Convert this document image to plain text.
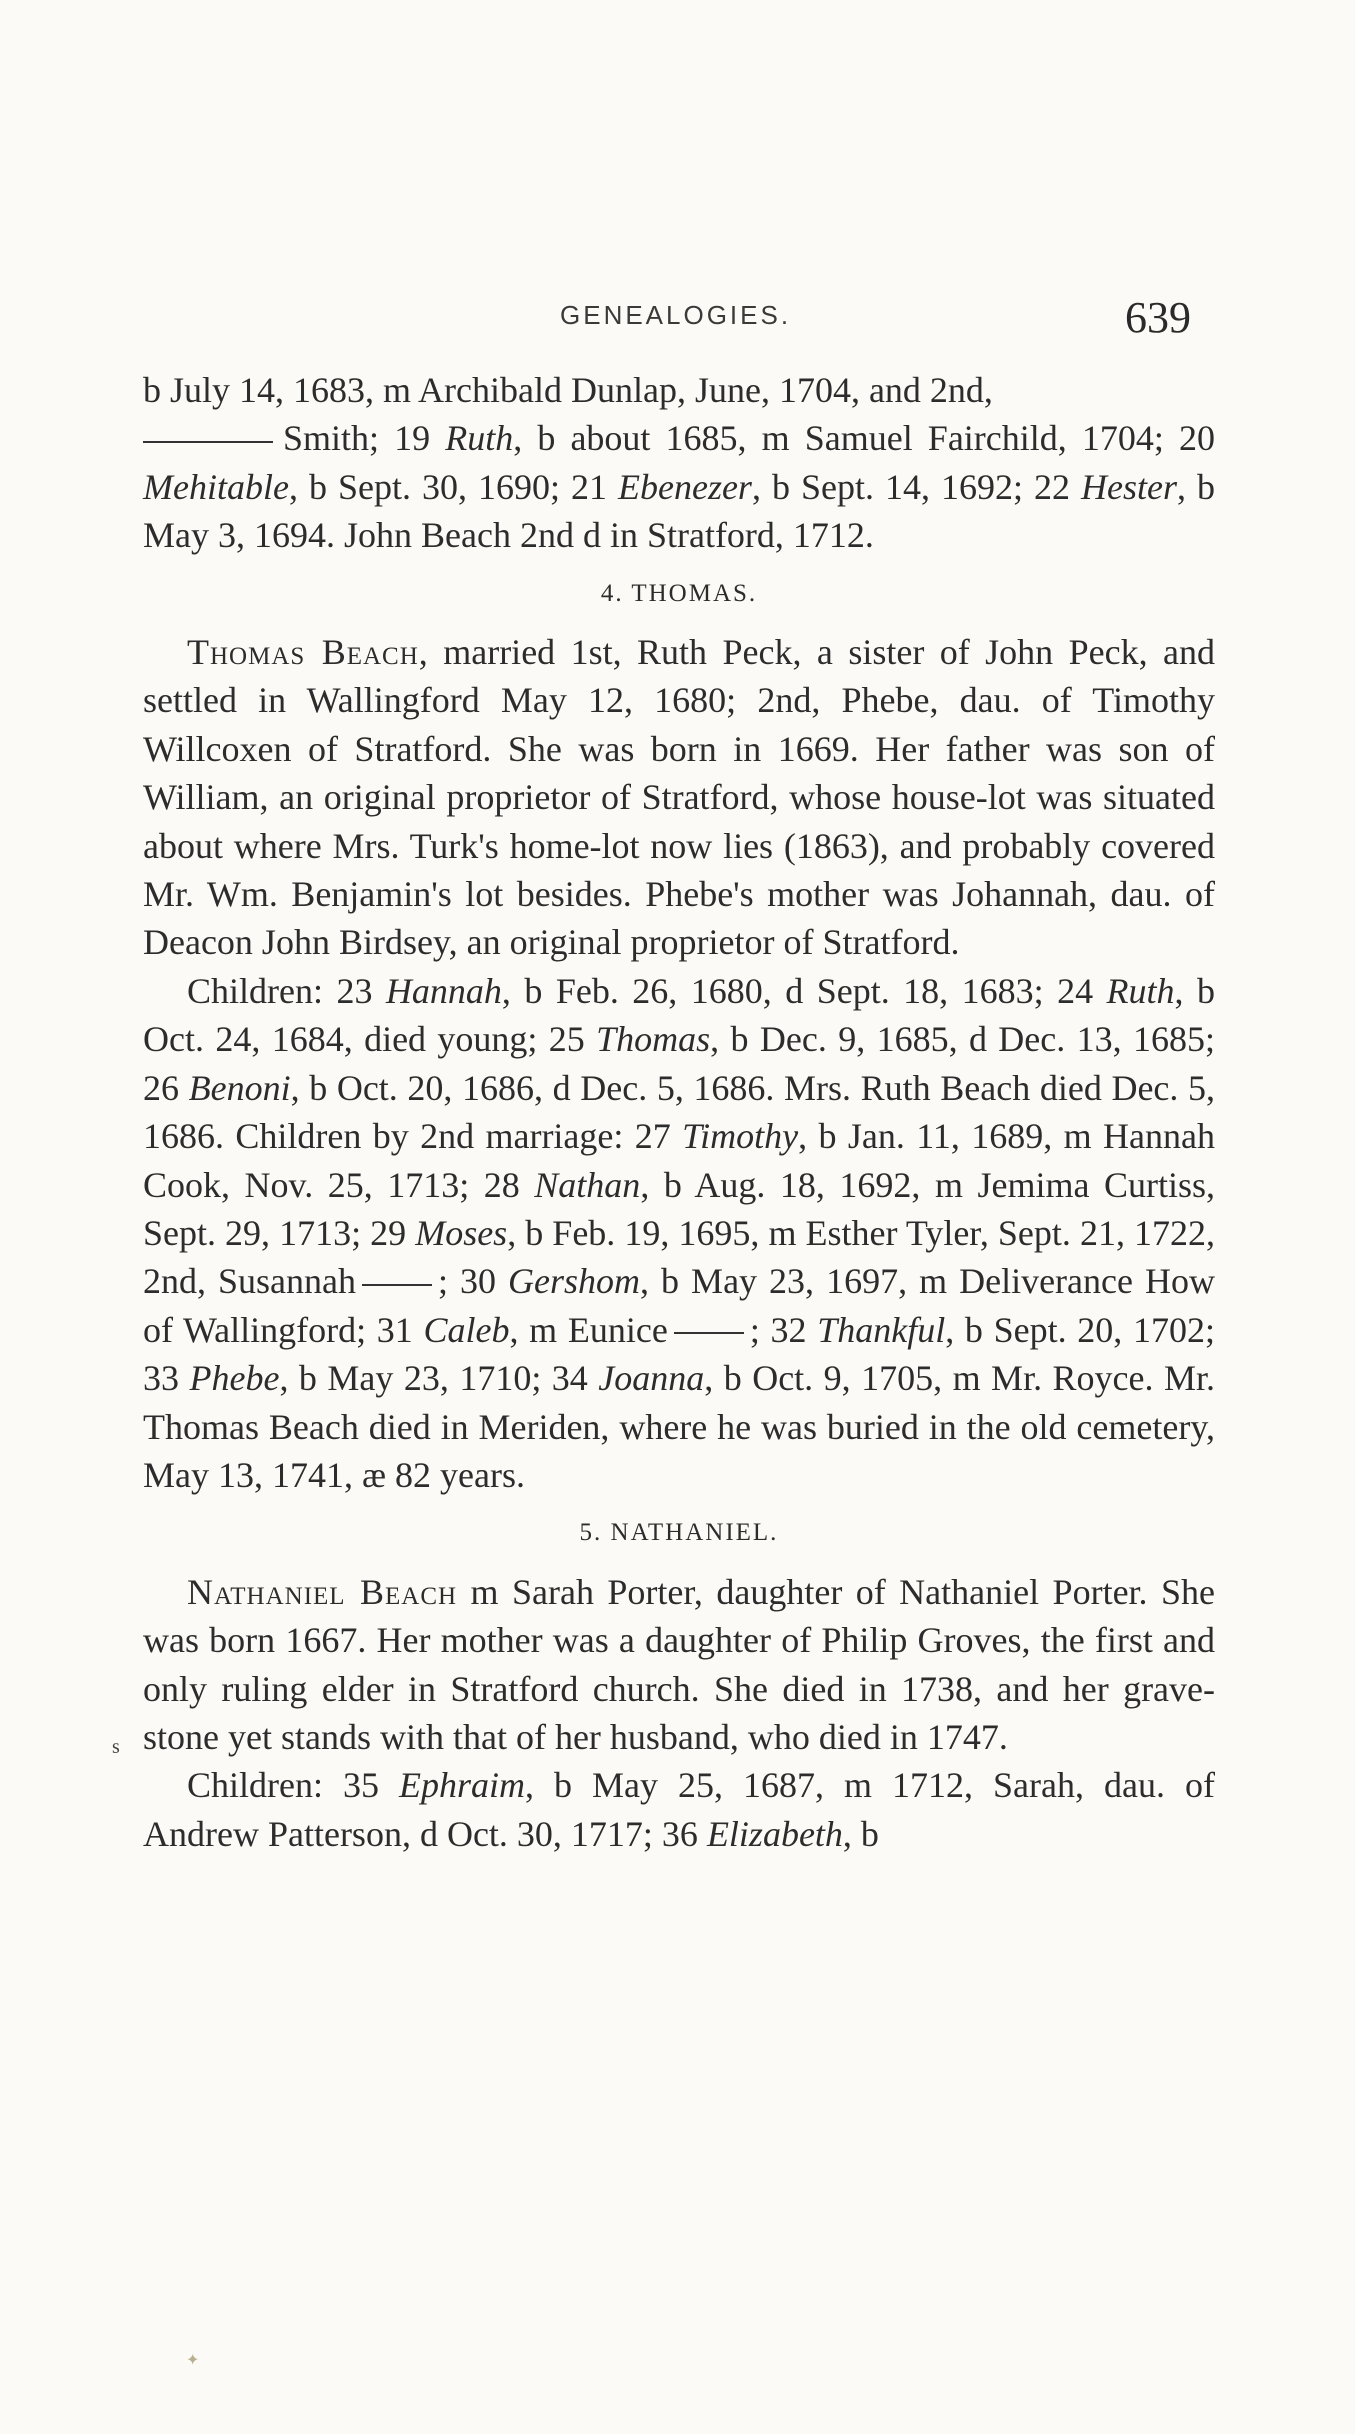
GENEALOGIES.	639

b July 14, 1683, m Archibald Dunlap, June, 1704, and 2nd,
Smith; 19 Ruth, b about 1685, m Samuel Fairchild, 1704; 20 Mehitable, b Sept. 30, 1690; 21 Ebenezer, b Sept. 14, 1692; 22 Hester, b May 3, 1694. John Beach 2nd d in Stratford, 1712.

4. THOMAS.

Thomas Beach, married 1st, Ruth Peck, a sister of John Peck, and settled in Wallingford May 12, 1680; 2nd, Phebe, dau. of Timothy Willcoxen of Stratford. She was born in 1669. Her father was son of William, an original proprietor of Stratford, whose house-lot was situated about where Mrs. Turk's home-lot now lies (1863), and probably covered Mr. Wm. Benjamin's lot besides. Phebe's mother was Johannah, dau. of Deacon John Birdsey, an original proprietor of Stratford.

Children: 23 Hannah, b Feb. 26, 1680, d Sept. 18, 1683; 24 Ruth, b Oct. 24, 1684, died young; 25 Thomas, b Dec. 9, 1685, d Dec. 13, 1685; 26 Benoni, b Oct. 20, 1686, d Dec. 5, 1686. Mrs. Ruth Beach died Dec. 5, 1686. Children by 2nd marriage: 27 Timothy, b Jan. 11, 1689, m Hannah Cook, Nov. 25, 1713; 28 Nathan, b Aug. 18, 1692, m Jemima Curtiss, Sept. 29, 1713; 29 Moses, b Feb. 19, 1695, m Esther Tyler, Sept. 21, 1722, 2nd, Susannah ; 30 Gershom, b May 23, 1697, m Deliverance How of Wallingford; 31 Caleb, m Eunice ; 32 Thankful, b Sept. 20, 1702; 33 Phebe, b May 23, 1710; 34 Joanna, b Oct. 9, 1705, m Mr. Royce. Mr. Thomas Beach died in Meriden, where he was buried in the old cemetery, May 13, 1741, æ 82 years.

5. NATHANIEL.

Nathaniel Beach m Sarah Porter, daughter of Nathaniel Porter. She was born 1667. Her mother was a daughter of Philip Groves, the first and only ruling elder in Stratford church. She died in 1738, and her grave-stone yet stands with that of her husband, who died in 1747.

Children: 35 Ephraim, b May 25, 1687, m 1712, Sarah, dau. of Andrew Patterson, d Oct. 30, 1717; 36 Elizabeth, b

s
✦
